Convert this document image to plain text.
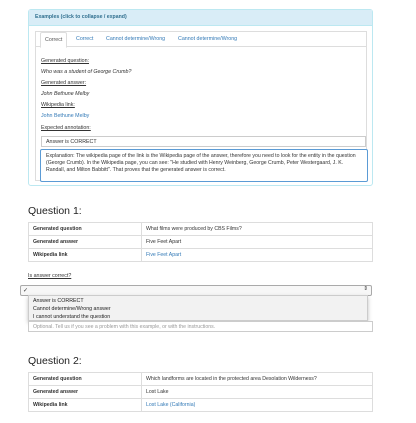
Examples (click to collapse / expand)
Correct	Correct	Cannot determine/Wrong	Cannot determine/Wrong
Generated question:
Who was a student of George Crumb?
Generated answer:
John Bethune Melby
Wikipedia link:
John Bethune Melby
Expected annotation:
Answer is CORRECT
Explanation: The wikipedia page of the link is the Wikipedia page of the answer, therefore you need to look for the entity in the question (George Crumb). In the Wikipedia page, you can see: "He studied with Henry Weinberg, George Crumb, Peter Westergaard, J. K. Randall, and Milton Babbitt". That proves that the generated answer is correct.
Question 1:
Generated question	What films were produced by CBS Films?
Generated answer	Five Feet Apart
Wikipedia link	Five Feet Apart
Is answer correct?
✓	⇕
Answer is CORRECT
Cannot determine/Wrong answer
I cannot understand the question
Optional. Tell us if you see a problem with this example, or with the instructions.
Question 2:
Generated question	Which landforms are located in the protected area Desolation Wilderness?
Generated answer	Lost Lake
Wikipedia link	Lost Lake (California)
